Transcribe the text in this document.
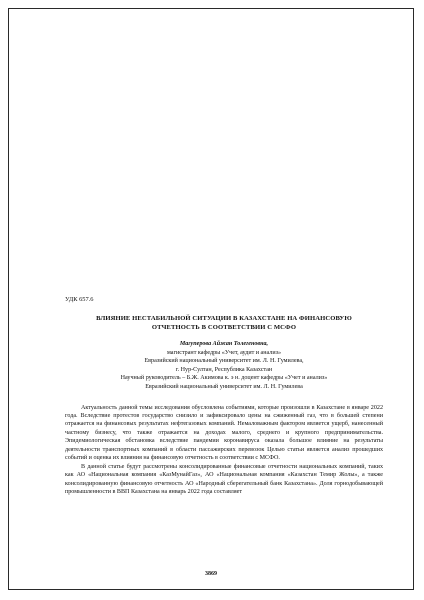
УДК 657.6
ВЛИЯНИЕ НЕСТАБИЛЬНОЙ СИТУАЦИИ В КАЗАХСТАНЕ НА ФИНАНСОВУЮ
ОТЧЕТНОСТЬ В СООТВЕТСТВИИ С МСФО
Магуперова Айжан Толегеновна,
магистрант кафедры «Учет, аудит и анализ»
Евразийский национальный университет им. Л. Н. Гумилева,
г. Нур-Султан, Республика Казахстан
Научный руководитель – Б.Ж. Акимова к. э н. доцент кафедры «Учет и анализ»
Евразийский национальный университет им. Л. Н. Гумилева

Актуальность данной темы исследования обусловлена событиями, которые произошли в Казахстане в январе 2022 года. Вследствие протестов государство снизило и зафиксировало цены на сжиженный газ, что в большей степени отражается на финансовых результатах нефтегазовых компаний. Немаловажным фактором является ущерб, нанесенный частному бизнесу, что также отражается на доходах малого, среднего и крупного предпринимательства. Эпидемиологическая обстановка вследствие пандемии коронавируса оказала большое влияние на результаты деятельности транспортных компаний в области пассажирских перевозок Целью статьи является анализ прошедших событий и оценка их влияния на финансовую отчетность в соответствии с МСФО.

В данной статье будут рассмотрены консолидированные финансовые отчетности национальных компаний, таких как АО «Национальная компания «КазМунайГаз», АО «Национальная компания «Казахстан Темир Жолы», а также консолидированную финансовую отчетность АО «Народный сберегательный банк Казахстана». Доля горнодобывающей промышленности в ВВП Казахстана на январь 2022 года составляет

3869
